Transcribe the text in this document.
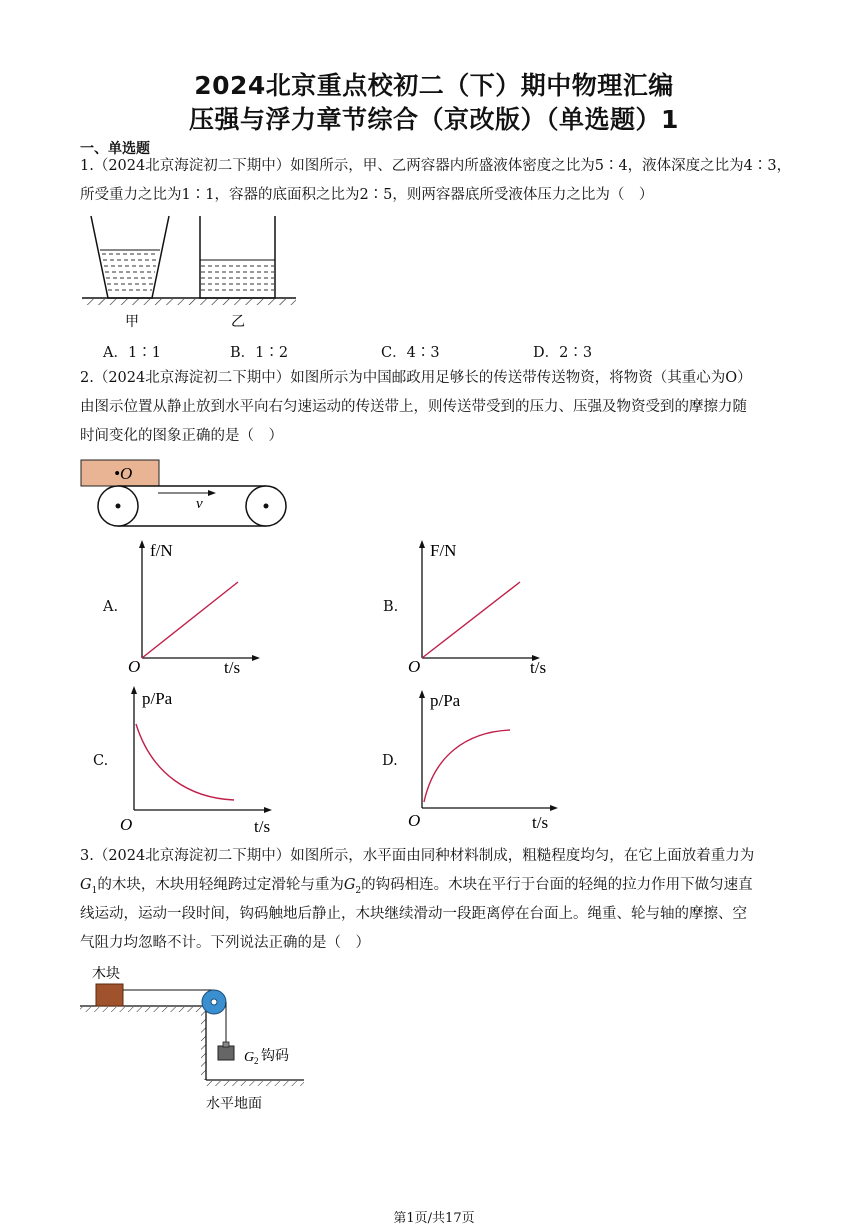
2024北京重点校初二（下）期中物理汇编
压强与浮力章节综合（京改版）（单选题）1
一、单选题
1.（2024北京海淀初二下期中）如图所示，甲、乙两容器内所盛液体密度之比为5∶4，液体深度之比为4∶3，
所受重力之比为1∶1，容器的底面积之比为2∶5，则两容器底所受液体压力之比为（　）
甲	乙
A．1∶1	B．1∶2	C．4∶3	D．2∶3
2.（2024北京海淀初二下期中）如图所示为中国邮政用足够长的传送带传送物资，将物资（其重心为O）
由图示位置从静止放到水平向右匀速运动的传送带上，则传送带受到的压力、压强及物资受到的摩擦力随
时间变化的图象正确的是（　）
•O
v
A.
f/N
O	t/s
B.
F/N
O	t/s
C.
p/Pa
O	t/s
D.
p/Pa
O	t/s
3.（2024北京海淀初二下期中）如图所示，水平面由同种材料制成，粗糙程度均匀，在它上面放着重力为
$G_1$的木块，木块用轻绳跨过定滑轮与重为$G_2$的钩码相连。木块在平行于台面的轻绳的拉力作用下做匀速直
线运动，运动一段时间，钩码触地后静止，木块继续滑动一段距离停在台面上。绳重、轮与轴的摩擦、空
气阻力均忽略不计。下列说法正确的是（　）
木块
G 2 钩码
水平地面
第1页/共17页
